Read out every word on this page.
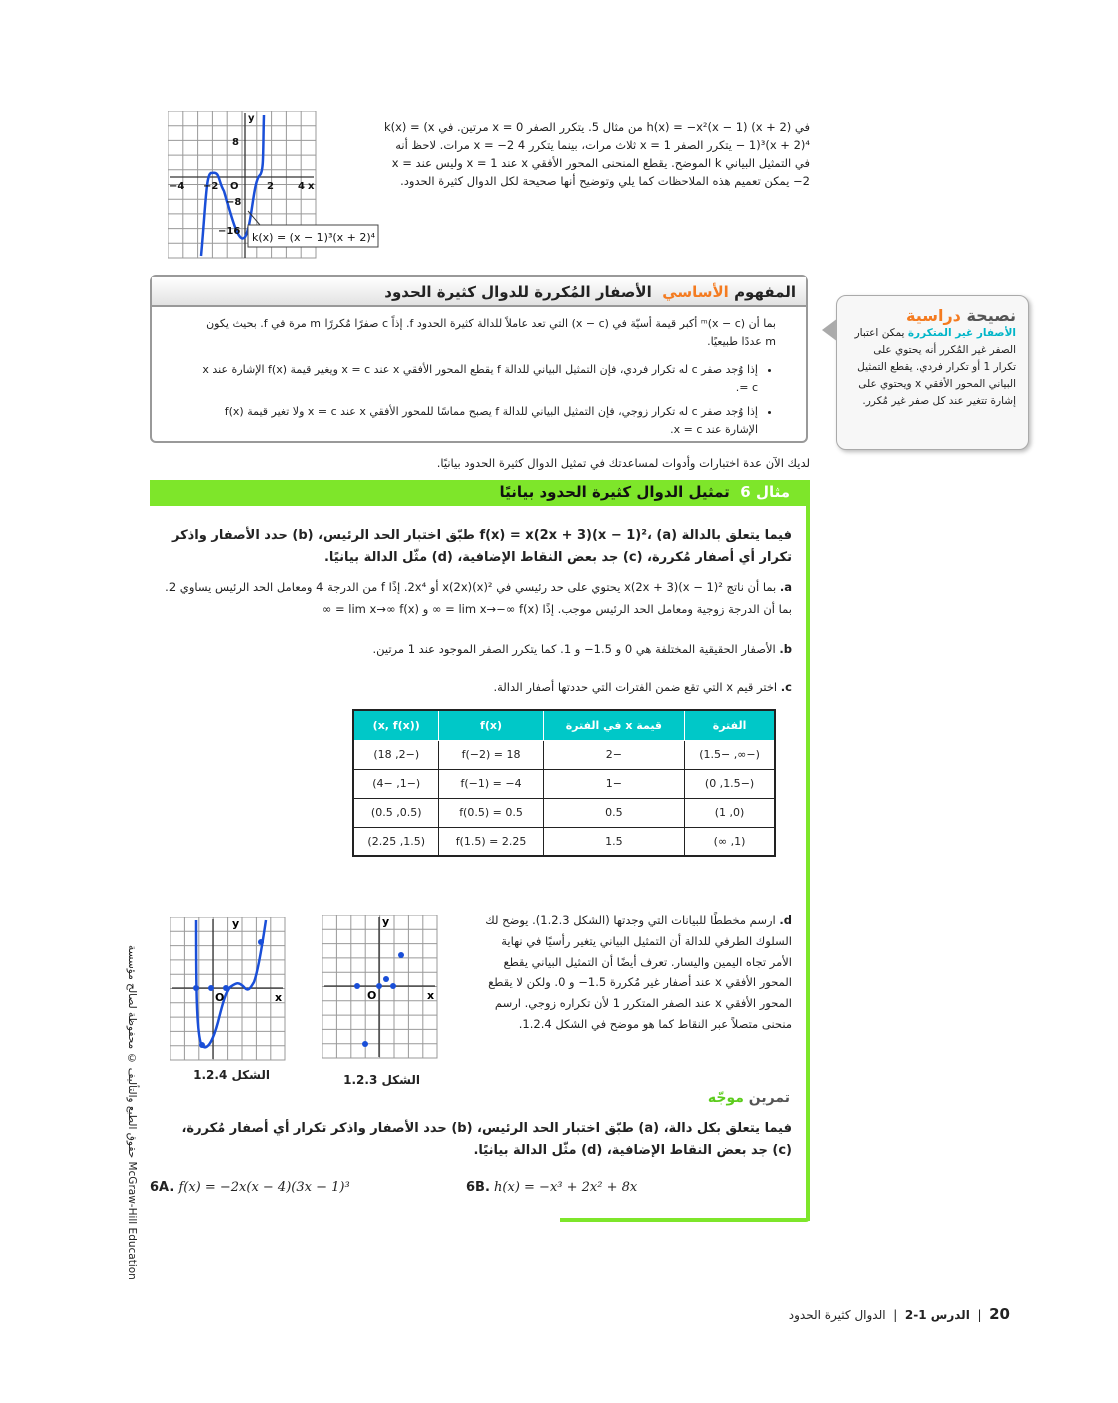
−4 −2 O	2 4 x
8
−8
−16
y
k(x) = (x − 1)³(x + 2)⁴

في h(x) = −x²(x − 1) (x + 2) من مثال 5. يتكرر الصفر x = 0 مرتين. في k(x) = (x − 1)³(x + 2)⁴ يتكرر الصفر x = 1 ثلاث مرات، بينما يتكرر x = −2 4 مرات. لاحظ أنه في التمثيل البياني k الموضح. يقطع المنحنى المحور الأفقي x عند x = 1 وليس عند x = −2 يمكن تعميم هذه الملاحظات كما يلي وتوضيح أنها صحيحة لكل الدوال كثيرة الحدود.

المفهوم الأساسي  الأصفار المُكررة للدوال كثيرة الحدود

بما أن (x − c)ᵐ أكبر قيمة أسيّة في (x − c) التي تعد عاملاً للدالة كثيرة الحدود f. إذاً c صفرًا مُكررًا m مرة في f. بحيث يكون m عددًا طبيعيًا.

• إذا وُجد صفر c له تكرار فردي، فإن التمثيل البياني للدالة f يقطع المحور الأفقي x عند x = c ويغير قيمة f(x) الإشارة عند x = c.
• إذا وُجد صفر c له تكرار زوجي، فإن التمثيل البياني للدالة f يصبح مماسًا للمحور الأفقي x عند x = c ولا تغير قيمة f(x) الإشارة عند x = c.
نصيحة دراسية

الأصفار غير المتكررة يمكن اعتبار الصفر غير المُكرر أنه يحتوي على تكرار 1 أو تكرار فردي. يقطع التمثيل البياني المحور الأفقي x ويحتوي على إشارة تتغير عند كل صفر غير مُكرر.

لديك الآن عدة اختبارات وأدوات لمساعدتك في تمثيل الدوال كثيرة الحدود بيانيًا.
مثال 6  تمثيل الدوال كثيرة الحدود بيانيًا
فيما يتعلق بالدالة f(x) = x(2x + 3)(x − 1)²، (a) طبّق اختبار الحد الرئيس، (b) حدد الأصفار واذكر تكرار أي أصفار مُكررة، (c) جد بعض النقاط الإضافية، (d) مثّل الدالة بيانيًا.
a. بما أن ناتج x(2x + 3)(x − 1)² يحتوي على حد رئيسي في x(2x)(x)² أو 2x⁴. إذًا f من الدرجة 4 ومعامل الحد الرئيس يساوي 2. بما أن الدرجة زوجية ومعامل الحد الرئيس موجب. إذًا lim x→−∞ f(x) = ∞ و lim x→∞ f(x) = ∞
b. الأصفار الحقيقية المختلفة هي 0 و 1.5− و 1. كما يتكرر الصفر الموجود عند 1 مرتين.
c. اختر قيم x التي تقع ضمن الفترات التي حددتها أصفار الدالة.
الفترة	قيمة x في الفترة	f(x)	(x, f(x))
(−∞, −1.5)	−2	f(−2) = 18	(−2, 18)
(−1.5, 0)	−1	f(−1) = −4	(−1, −4)
(0, 1)	0.5	f(0.5) = 0.5	(0.5, 0.5)
(1, ∞)	1.5	f(1.5) = 2.25	(1.5, 2.25)

d. ارسم مخططًا للبيانات التي وجدتها (الشكل 1.2.3). يوضح لك السلوك الطرفي للدالة أن التمثيل البياني يتغير رأسيًا في نهاية الأمر تجاه اليمين واليسار. تعرف أيضًا أن التمثيل البياني يقطع المحور الأفقي x عند أصفار غير مُكررة 1.5− و 0. ولكن لا يقطع المحور الأفقي x عند الصفر المتكرر 1 لأن تكراره زوجي. ارسم منحنى متصلاً عبر النقاط كما هو موضح في الشكل 1.2.4.

O	x
y
الشكل 1.2.4
O	x
y
الشكل 1.2.3
تمرين موجّه
فيما يتعلق بكل دالة، (a) طبّق اختبار الحد الرئيس، (b) حدد الأصفار واذكر تكرار أي أصفار مُكررة، (c) جد بعض النقاط الإضافية، (d) مثّل الدالة بيانيًا.
6A. f(x) = −2x(x − 4)(3x − 1)³	6B. h(x) = −x³ + 2x² + 8x
حقوق الطبع والتأليف © محفوظة لصالح مؤسسة McGraw-Hill Education
20  |  الدرس 1-2  |  الدوال كثيرة الحدود
